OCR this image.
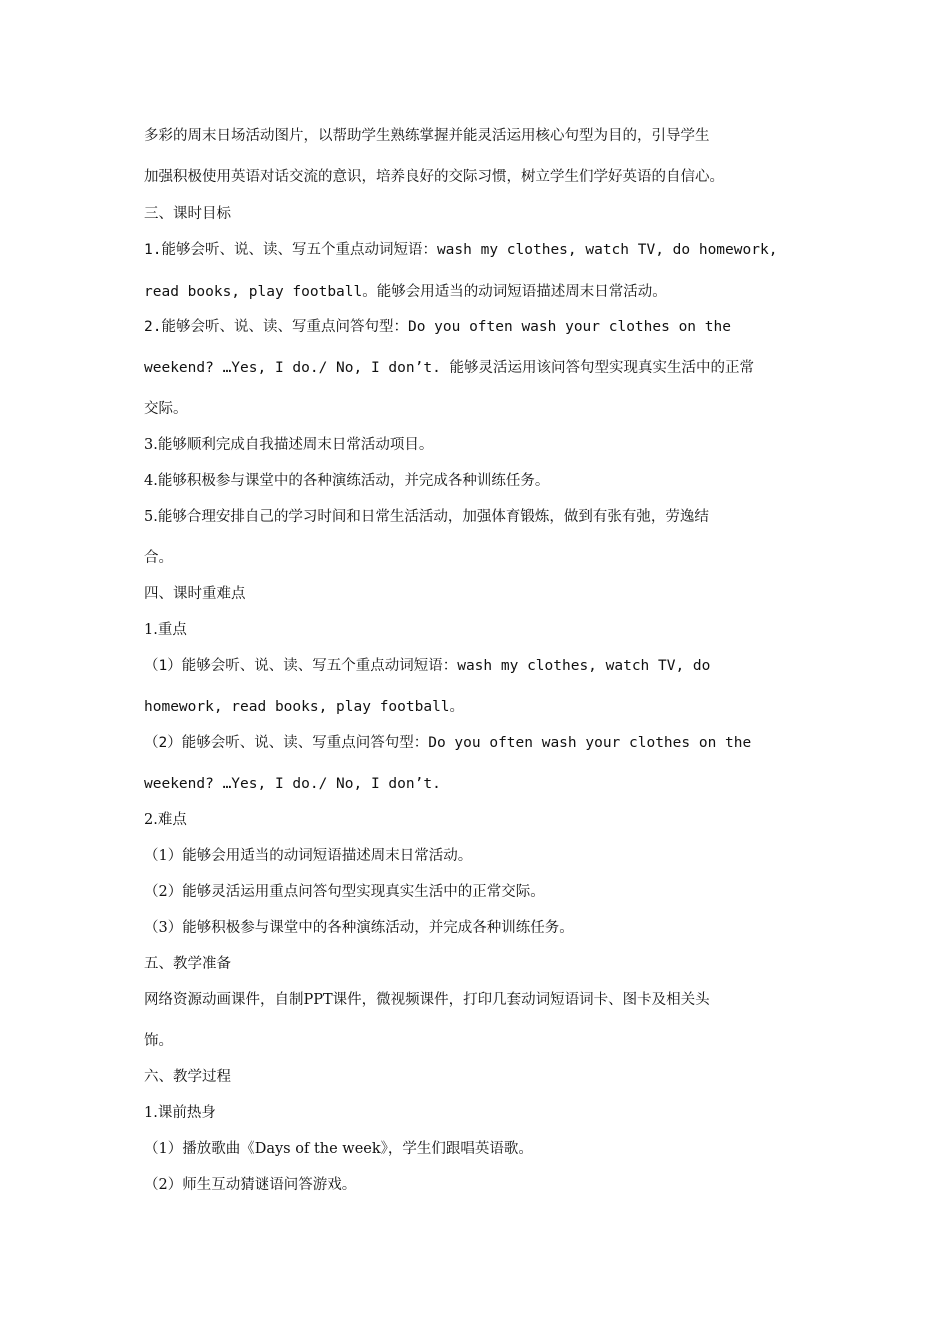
多彩的周末日场活动图片，以帮助学生熟练掌握并能灵活运用核心句型为目的，引导学生
加强积极使用英语对话交流的意识，培养良好的交际习惯，树立学生们学好英语的自信心。
三、课时目标
1.能够会听、说、读、写五个重点动词短语：wash my clothes, watch TV, do homework,
read books, play football。能够会用适当的动词短语描述周末日常活动。
2.能够会听、说、读、写重点问答句型：Do you often wash your clothes on the
weekend? …Yes, I do./ No, I don’t. 能够灵活运用该问答句型实现真实生活中的正常
交际。
3.能够顺利完成自我描述周末日常活动项目。
4.能够积极参与课堂中的各种演练活动，并完成各种训练任务。
5.能够合理安排自己的学习时间和日常生活活动，加强体育锻炼，做到有张有弛，劳逸结
合。
四、课时重难点
1.重点
（1）能够会听、说、读、写五个重点动词短语：wash my clothes, watch TV, do
homework, read books, play football。
（2）能够会听、说、读、写重点问答句型：Do you often wash your clothes on the
weekend? …Yes, I do./ No, I don’t.
2.难点
（1）能够会用适当的动词短语描述周末日常活动。
（2）能够灵活运用重点问答句型实现真实生活中的正常交际。
（3）能够积极参与课堂中的各种演练活动，并完成各种训练任务。
五、教学准备
网络资源动画课件，自制PPT课件，微视频课件，打印几套动词短语词卡、图卡及相关头
饰。
六、教学过程
1.课前热身
（1）播放歌曲《Days of the week》，学生们跟唱英语歌。
（2）师生互动猜谜语问答游戏。
